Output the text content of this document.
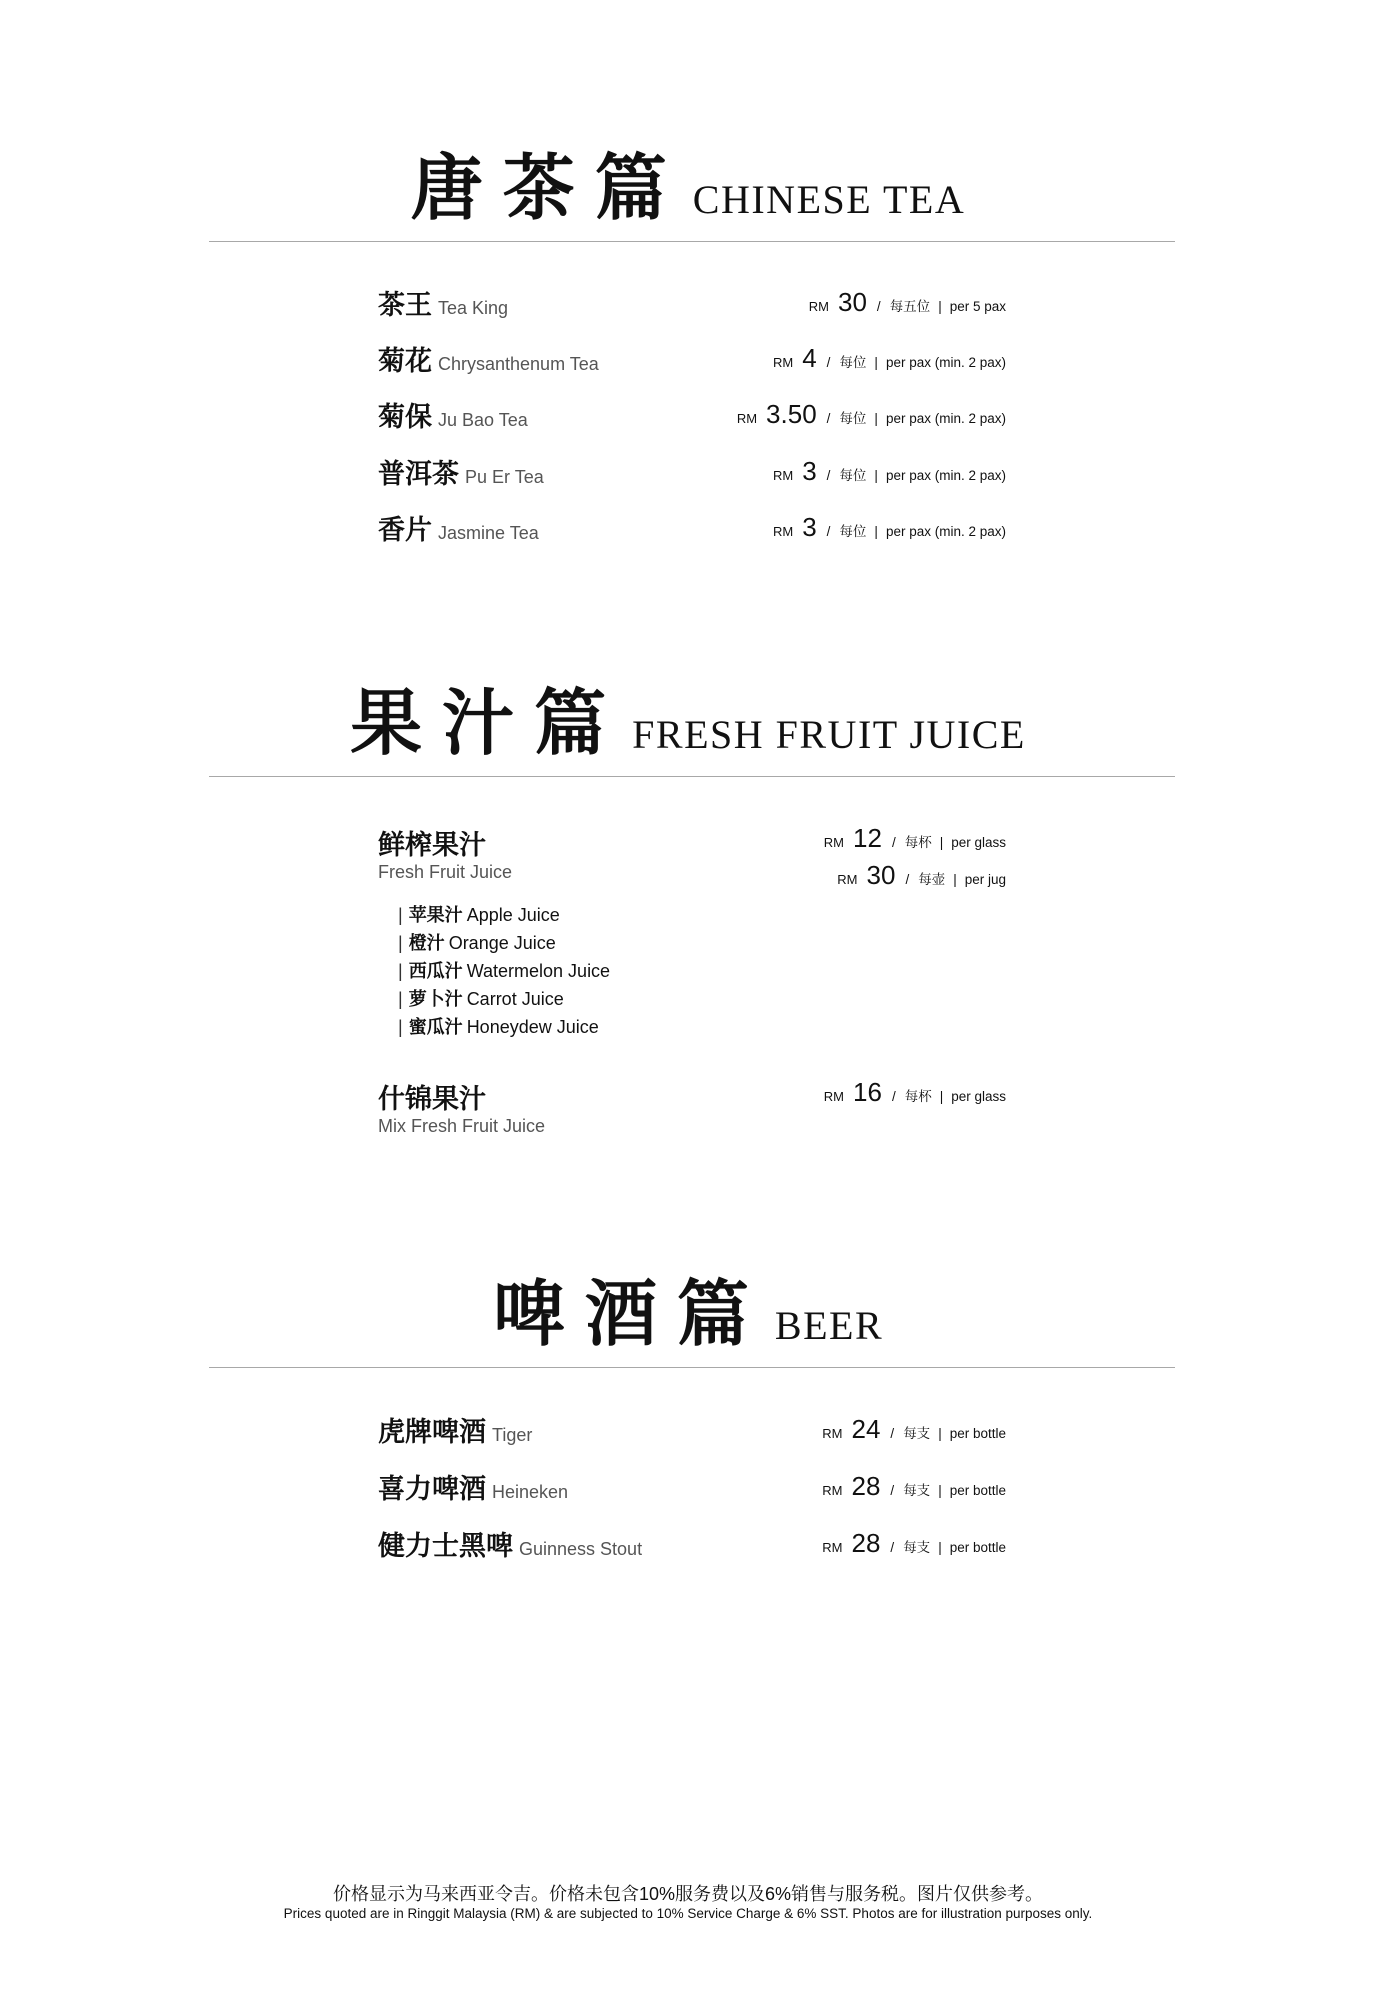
唐茶篇 CHINESE TEA
茶王 Tea King	RM 30 / 每五位 | per 5 pax
菊花 Chrysanthenum Tea	RM 4 / 每位 | per pax (min. 2 pax)
菊保 Ju Bao Tea	RM 3.50 / 每位 | per pax (min. 2 pax)
普洱茶 Pu Er Tea	RM 3 / 每位 | per pax (min. 2 pax)
香片 Jasmine Tea	RM 3 / 每位 | per pax (min. 2 pax)
果汁篇 FRESH FRUIT JUICE
鲜榨果汁
Fresh Fruit Juice
RM 12 / 每杯 | per glass
RM 30 / 每壶 | per jug
| 苹果汁 Apple Juice
| 橙汁 Orange Juice
| 西瓜汁 Watermelon Juice
| 萝卜汁 Carrot Juice
| 蜜瓜汁 Honeydew Juice
什锦果汁
Mix Fresh Fruit Juice
RM 16 / 每杯 | per glass
啤酒篇 BEER
虎牌啤酒 Tiger	RM 24 / 每支 | per bottle
喜力啤酒 Heineken	RM 28 / 每支 | per bottle
健力士黑啤 Guinness Stout	RM 28 / 每支 | per bottle
价格显示为马来西亚令吉。价格未包含10%服务费以及6%销售与服务税。图片仅供参考。
Prices quoted are in Ringgit Malaysia (RM) & are subjected to 10% Service Charge & 6% SST. Photos are for illustration purposes only.
